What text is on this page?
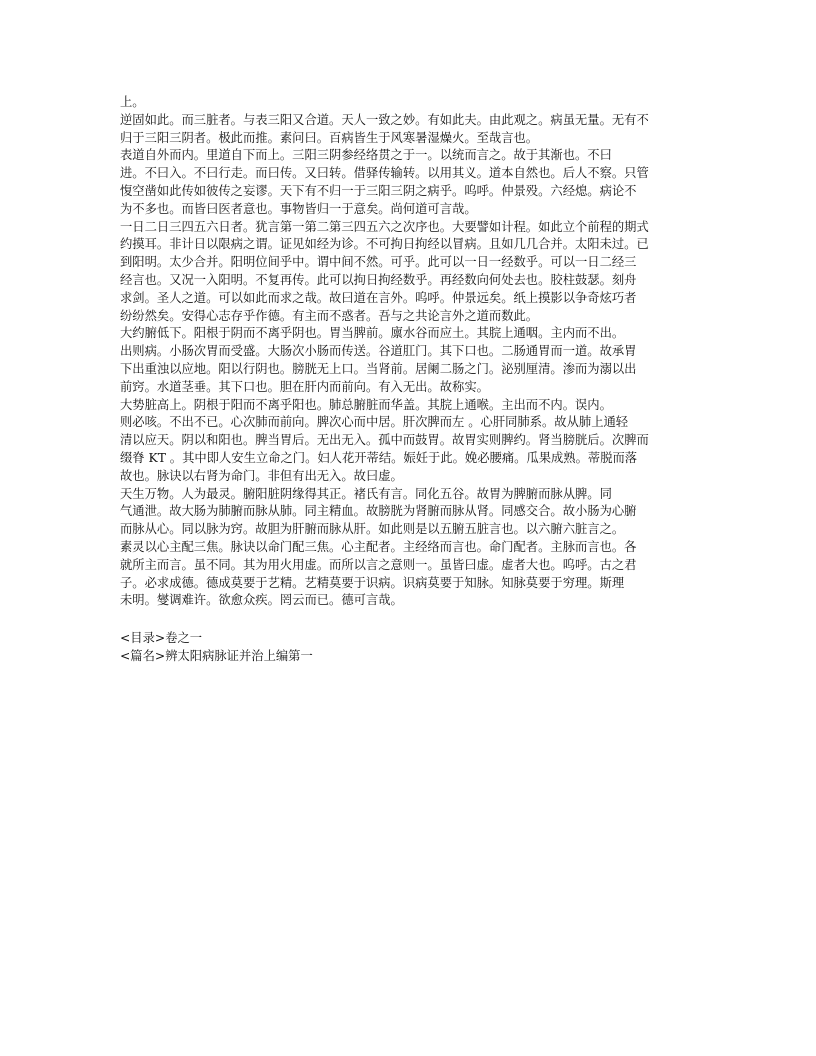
上。
逆固如此。而三脏者。与表三阳又合道。天人一致之妙。有如此夫。由此观之。病虽无量。无有不
归于三阳三阴者。极此而推。素问曰。百病皆生于风寒暑湿燥火。至哉言也。
表道自外而内。里道自下而上。三阳三阴参经络贯之于一。以统而言之。故于其渐也。不曰
进。不曰入。不曰行走。而曰传。又曰转。借驿传输转。以用其义。道本自然也。后人不察。只管
愎空凿如此传如彼传之妄谬。天下有不归一于三阳三阴之病乎。呜呼。仲景殁。六经熄。病论不
为不多也。而皆曰医者意也。事物皆归一于意矣。尚何道可言哉。
一日二日三四五六日者。犹言第一第二第三四五六之次序也。大要譬如计程。如此立个前程的期式
约摸耳。非计日以限病之谓。证见如经为诊。不可拘日拘经以冒病。且如几几合并。太阳未过。已
到阳明。太少合并。阳明位间乎中。谓中间不然。可乎。此可以一日一经数乎。可以一日二经三
经言也。又况一入阳明。不复再传。此可以拘日拘经数乎。再经数向何处去也。胶柱鼓瑟。刻舟
求剑。圣人之道。可以如此而求之哉。故曰道在言外。呜呼。仲景远矣。纸上摸影以争奇炫巧者
纷纷然矣。安得心志存乎作德。有主而不惑者。吾与之共论言外之道而数此。
大约腑低下。阳根于阴而不离乎阴也。胃当脾前。廪水谷而应土。其脘上通咽。主内而不出。
出则病。小肠次胃而受盛。大肠次小肠而传送。谷道肛门。其下口也。二肠通胃而一道。故承胃
下出重浊以应地。阳以行阴也。膀胱无上口。当肾前。居阑二肠之门。泌别厘清。渗而为溺以出
前窍。水道茎垂。其下口也。胆在肝内而前向。有入无出。故称实。
大势脏高上。阴根于阳而不离乎阳也。肺总腑脏而华盖。其脘上通喉。主出而不内。误内。
则必咳。不出不已。心次肺而前向。脾次心而中居。肝次脾而左 。心肝同肺系。故从肺上通轻
清以应天。阴以和阳也。脾当胃后。无出无入。孤中而鼓胃。故胃实则脾约。肾当膀胱后。次脾而
缀脊 KT 。其中即人安生立命之门。妇人花开蒂结。娠妊于此。娩必腰痛。瓜果成熟。蒂脱而落
故也。脉诀以右肾为命门。非但有出无入。故曰虚。
天生万物。人为最灵。腑阳脏阴缘得其正。褚氏有言。同化五谷。故胃为脾腑而脉从脾。同
气通泄。故大肠为肺腑而脉从肺。同主精血。故膀胱为肾腑而脉从肾。同感交合。故小肠为心腑
而脉从心。同以脉为窍。故胆为肝腑而脉从肝。如此则是以五腑五脏言也。以六腑六脏言之。
素灵以心主配三焦。脉诀以命门配三焦。心主配者。主经络而言也。命门配者。主脉而言也。各
就所主而言。虽不同。其为用火用虚。而所以言之意则一。虽皆曰虚。虚者大也。呜呼。古之君
子。必求成德。德成莫要于艺精。艺精莫要于识病。识病莫要于知脉。知脉莫要于穷理。斯理
未明。燮调难许。欲愈众疾。罔云而已。德可言哉。
<目录>卷之一
<篇名>辨太阳病脉证并治上编第一
